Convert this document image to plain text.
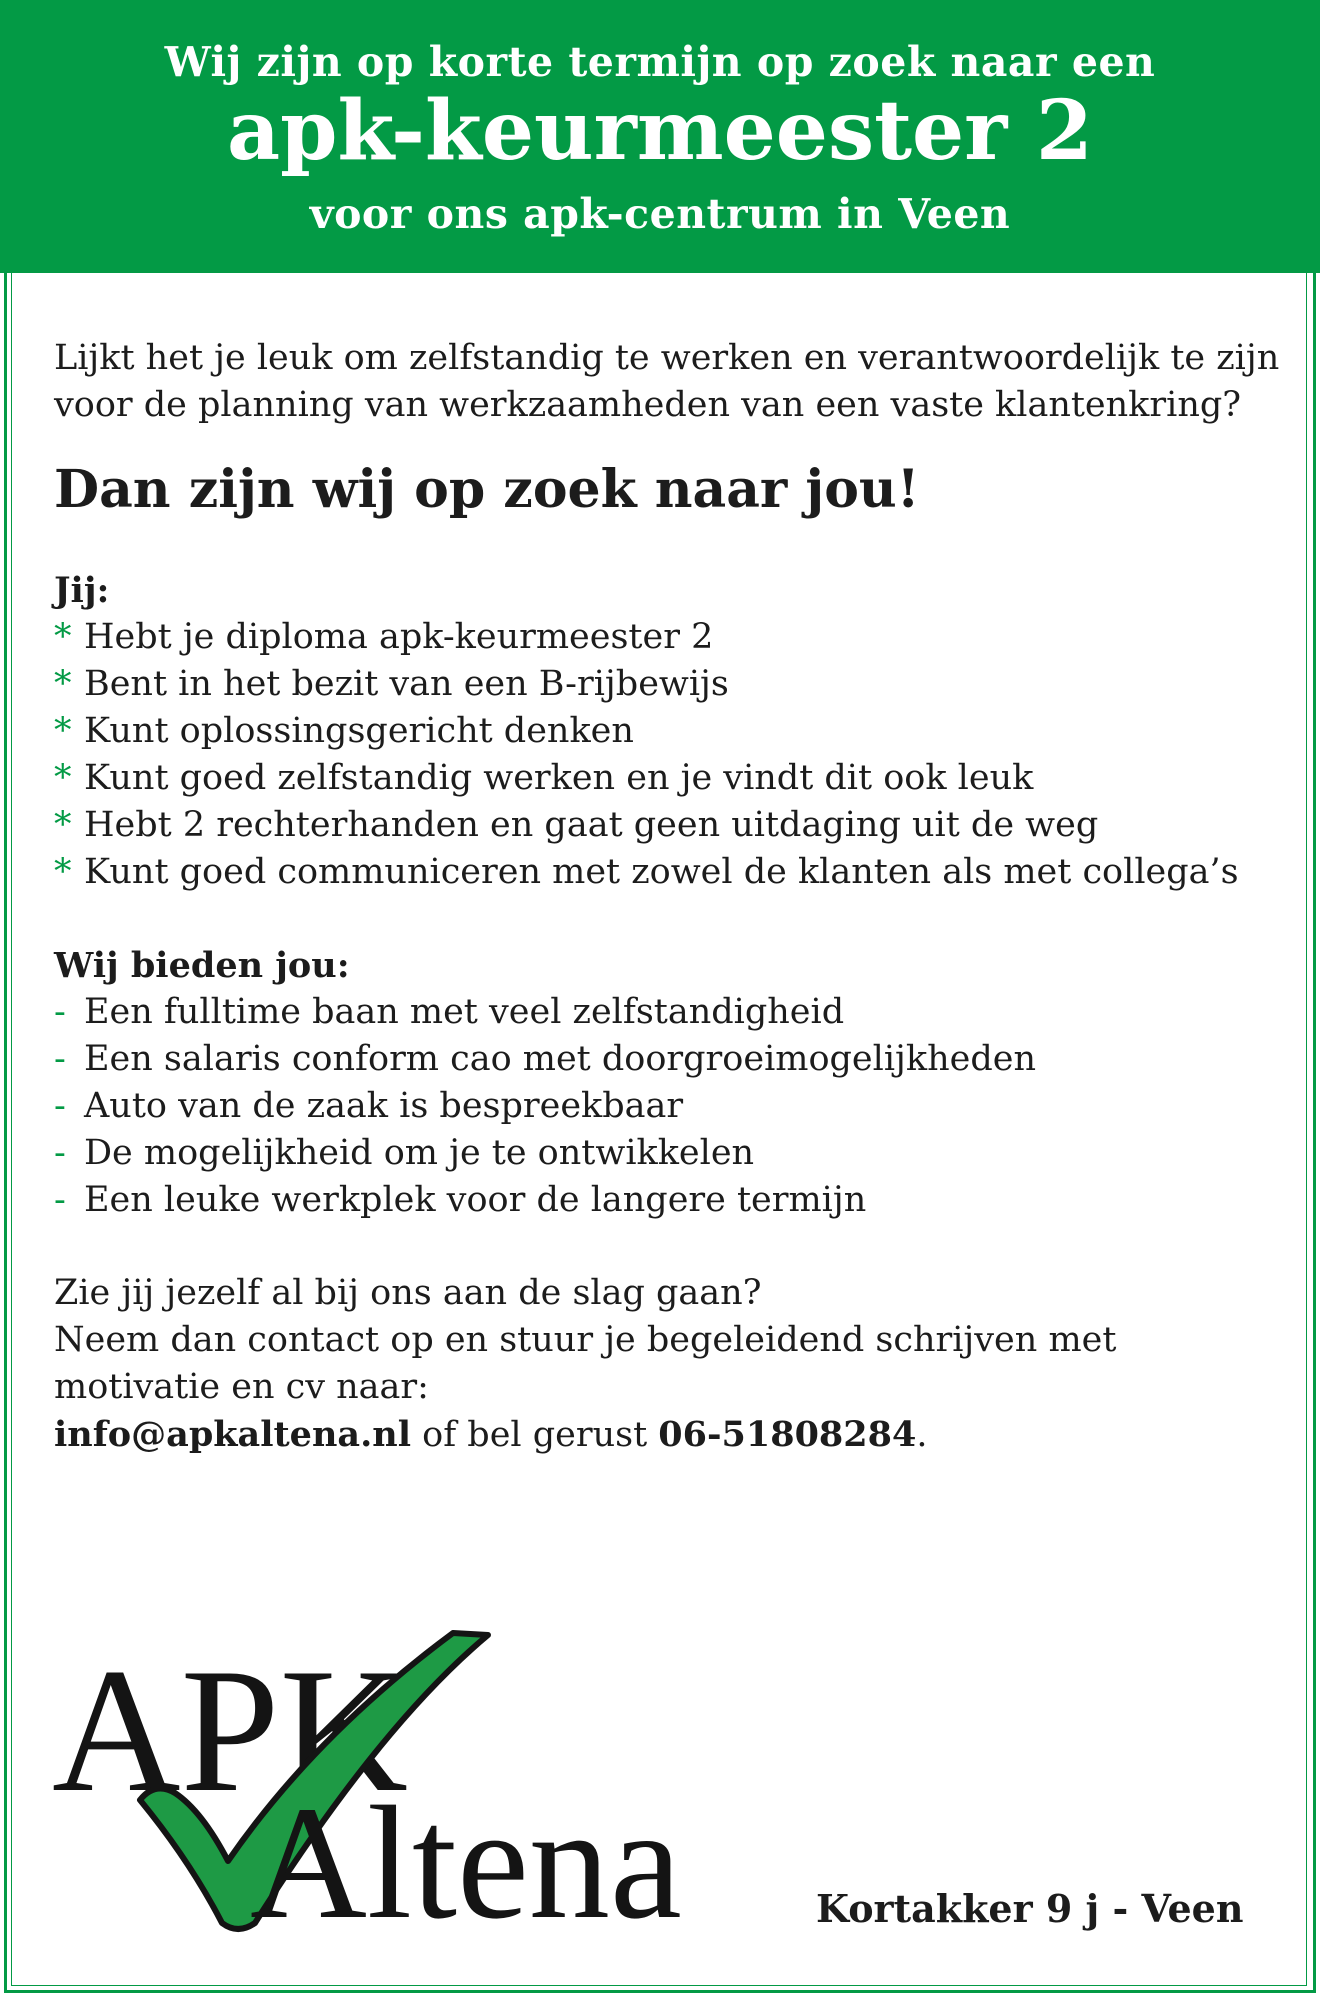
Wij zijn op korte termijn op zoek naar een
apk-keurmeester 2
voor ons apk-centrum in Veen

Lijkt het je leuk om zelfstandig te werken en verantwoordelijk te zijn voor de planning van werkzaamheden van een vaste klantenkring?

Dan zijn wij op zoek naar jou!

Jij:
* Hebt je diploma apk-keurmeester 2
* Bent in het bezit van een B-rijbewijs
* Kunt oplossingsgericht denken
* Kunt goed zelfstandig werken en je vindt dit ook leuk
* Hebt 2 rechterhanden en gaat geen uitdaging uit de weg
* Kunt goed communiceren met zowel de klanten als met collega’s
Wij bieden jou:
- Een fulltime baan met veel zelfstandigheid
- Een salaris conform cao met doorgroeimogelijkheden
- Auto van de zaak is bespreekbaar
- De mogelijkheid om je te ontwikkelen
- Een leuke werkplek voor de langere termijn
Zie jij jezelf al bij ons aan de slag gaan?
Neem dan contact op en stuur je begeleidend schrijven met motivatie en cv naar:
info@apkaltena.nl of bel gerust 06-51808284.
APK
Altena	Kortakker 9 j - Veen
